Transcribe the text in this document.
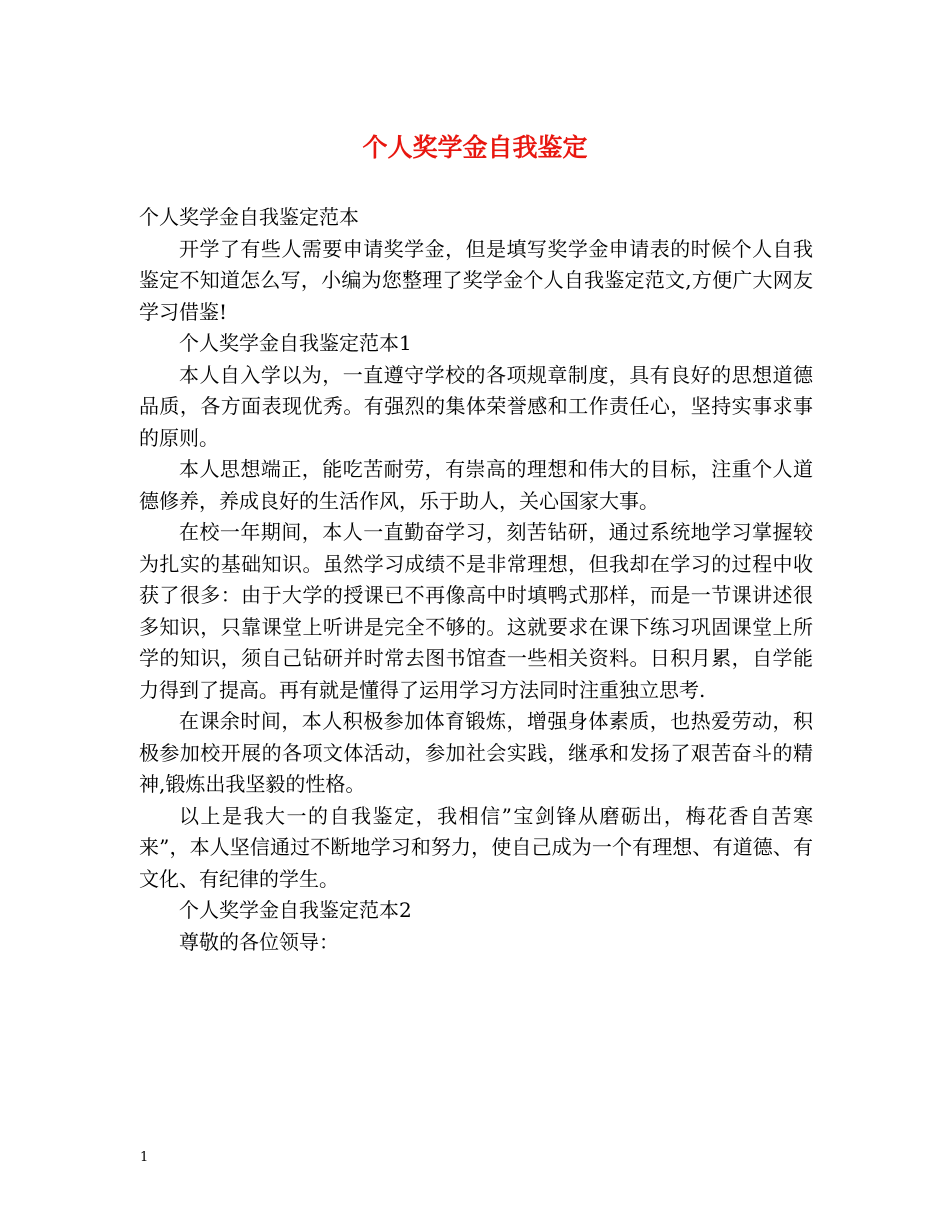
个人奖学金自我鉴定

个人奖学金自我鉴定范本

开学了有些人需要申请奖学金，但是填写奖学金申请表的时候个人自我鉴定不知道怎么写，小编为您整理了奖学金个人自我鉴定范文,方便广大网友学习借鉴!

个人奖学金自我鉴定范本1

本人自入学以为，一直遵守学校的各项规章制度，具有良好的思想道德品质，各方面表现优秀。有强烈的集体荣誉感和工作责任心，坚持实事求事的原则。

本人思想端正，能吃苦耐劳，有崇高的理想和伟大的目标，注重个人道德修养，养成良好的生活作风，乐于助人，关心国家大事。

在校一年期间，本人一直勤奋学习，刻苦钻研，通过系统地学习掌握较为扎实的基础知识。虽然学习成绩不是非常理想，但我却在学习的过程中收获了很多：由于大学的授课已不再像高中时填鸭式那样，而是一节课讲述很多知识，只靠课堂上听讲是完全不够的。这就要求在课下练习巩固课堂上所学的知识，须自己钻研并时常去图书馆查一些相关资料。日积月累，自学能力得到了提高。再有就是懂得了运用学习方法同时注重独立思考.

在课余时间，本人积极参加体育锻炼，增强身体素质，也热爱劳动，积极参加校开展的各项文体活动，参加社会实践，继承和发扬了艰苦奋斗的精神,锻炼出我坚毅的性格。

以上是我大一的自我鉴定，我相信”宝剑锋从磨砺出，梅花香自苦寒来”，本人坚信通过不断地学习和努力，使自己成为一个有理想、有道德、有文化、有纪律的学生。

个人奖学金自我鉴定范本2

尊敬的各位领导：

1
